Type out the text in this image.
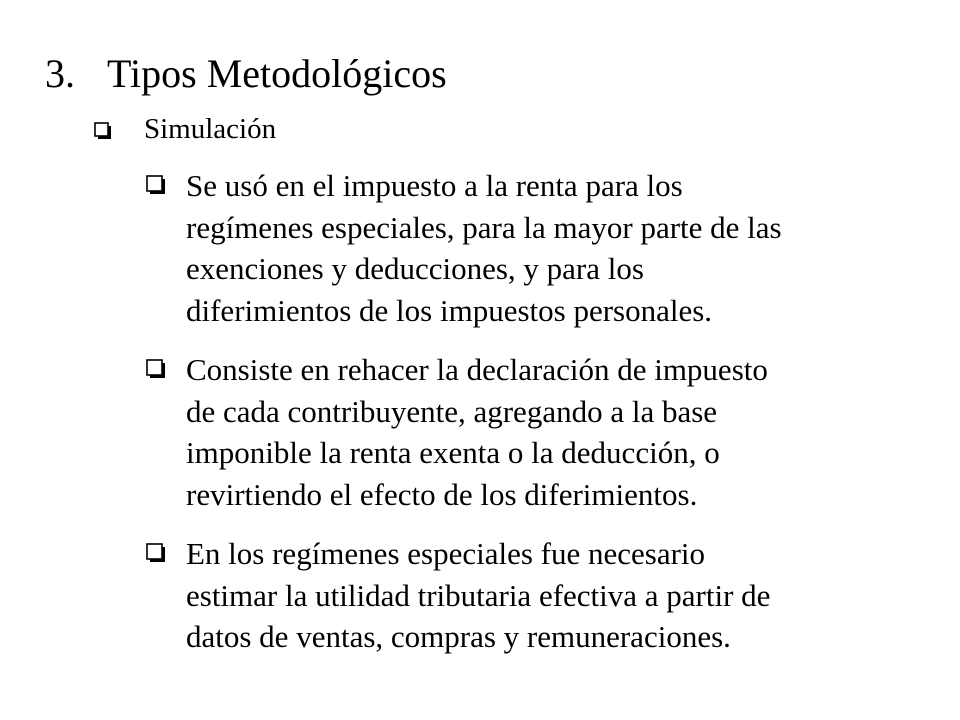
3. Tipos Metodológicos
Simulación
Se usó en el impuesto a la renta para los
regímenes especiales, para la mayor parte de las
exenciones y deducciones, y para los
diferimientos de los impuestos personales.
Consiste en rehacer la declaración de impuesto
de cada contribuyente, agregando a la base
imponible la renta exenta o la deducción, o
revirtiendo el efecto de los diferimientos.
En los regímenes especiales fue necesario
estimar la utilidad tributaria efectiva a partir de
datos de ventas, compras y remuneraciones.
